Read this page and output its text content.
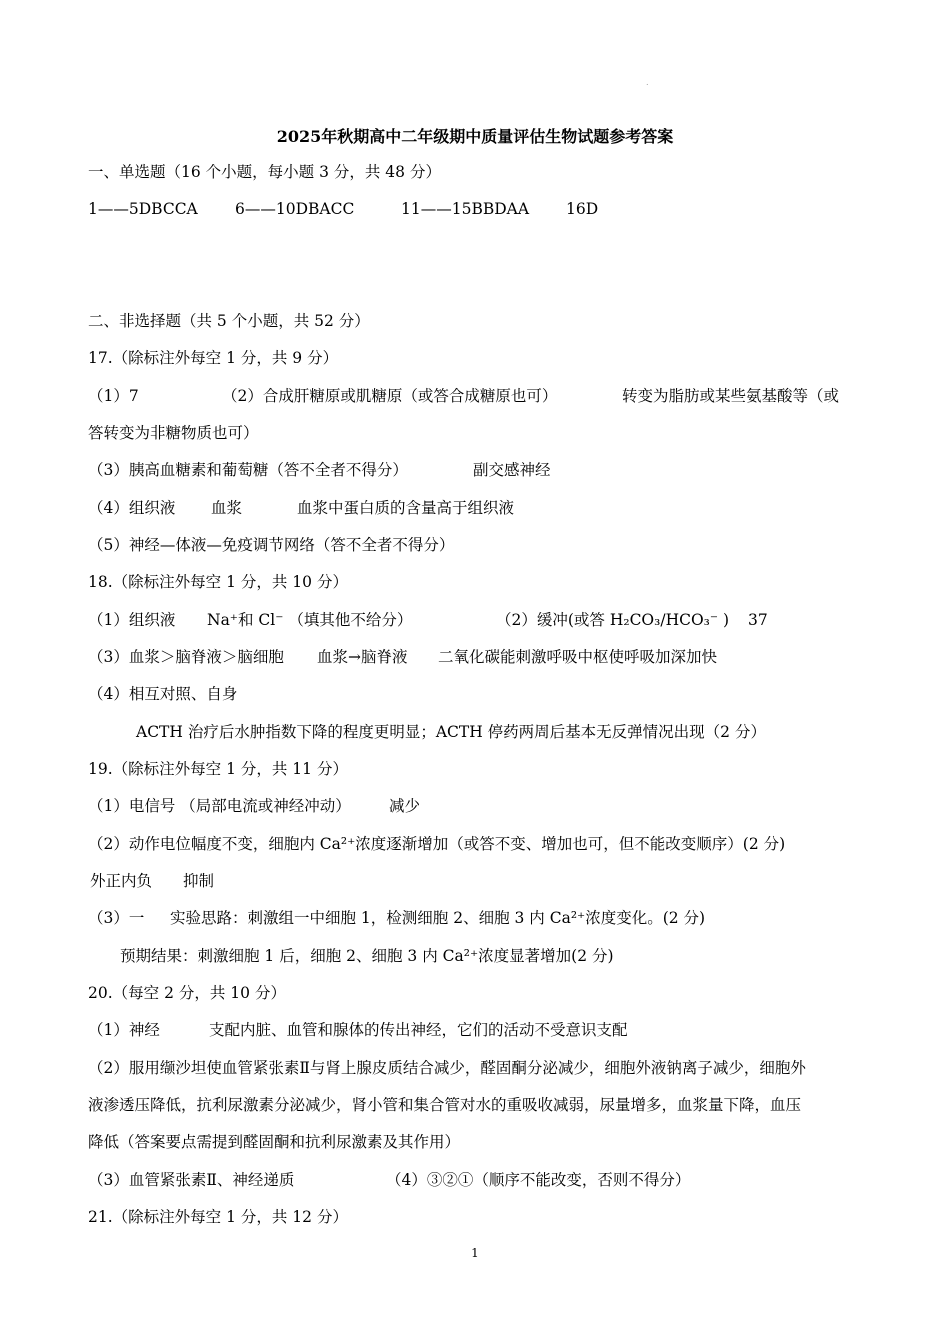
.
2025年秋期高中二年级期中质量评估生物试题参考答案
一、单选题（16 个小题，每小题 3 分，共 48 分）
1——5DBCCA 6——10DBACC	11——15BBDAA 16D
二、非选择题（共 5 个小题，共 52 分）
17.（除标注外每空 1 分，共 9 分）
（1）7	（2）合成肝糖原或肌糖原（或答合成糖原也可）	转变为脂肪或某些氨基酸等（或
答转变为非糖物质也可）
（3）胰高血糖素和葡萄糖（答不全者不得分）	副交感神经
（4）组织液 血浆	血浆中蛋白质的含量高于组织液
（5）神经—体液—免疫调节网络（答不全者不得分）
18.（除标注外每空 1 分，共 10 分）
（1）组织液 Na⁺和 Cl⁻ （填其他不给分）	（2）缓冲(或答 H₂CO₃/HCO₃⁻ ) 37
（3）血浆＞脑脊液＞脑细胞 血浆→脑脊液 二氧化碳能刺激呼吸中枢使呼吸加深加快
（4）相互对照、自身
ACTH 治疗后水肿指数下降的程度更明显；ACTH 停药两周后基本无反弹情况出现（2 分）
19.（除标注外每空 1 分，共 11 分）
（1）电信号 （局部电流或神经冲动） 减少
（2）动作电位幅度不变，细胞内 Ca²⁺浓度逐渐增加（或答不变、增加也可，但不能改变顺序）(2 分)
外正内负 抑制
（3）一 实验思路：刺激组一中细胞 1，检测细胞 2、细胞 3 内 Ca²⁺浓度变化。(2 分)
预期结果：刺激细胞 1 后，细胞 2、细胞 3 内 Ca²⁺浓度显著增加(2 分)
20.（每空 2 分，共 10 分）
（1）神经	支配内脏、血管和腺体的传出神经，它们的活动不受意识支配
（2）服用缬沙坦使血管紧张素Ⅱ与肾上腺皮质结合减少，醛固酮分泌减少，细胞外液钠离子减少，细胞外
液渗透压降低，抗利尿激素分泌减少，肾小管和集合管对水的重吸收减弱，尿量增多，血浆量下降，血压
降低（答案要点需提到醛固酮和抗利尿激素及其作用）
（3）血管紧张素Ⅱ、神经递质	（4）③②①（顺序不能改变，否则不得分）
21.（除标注外每空 1 分，共 12 分）
1
